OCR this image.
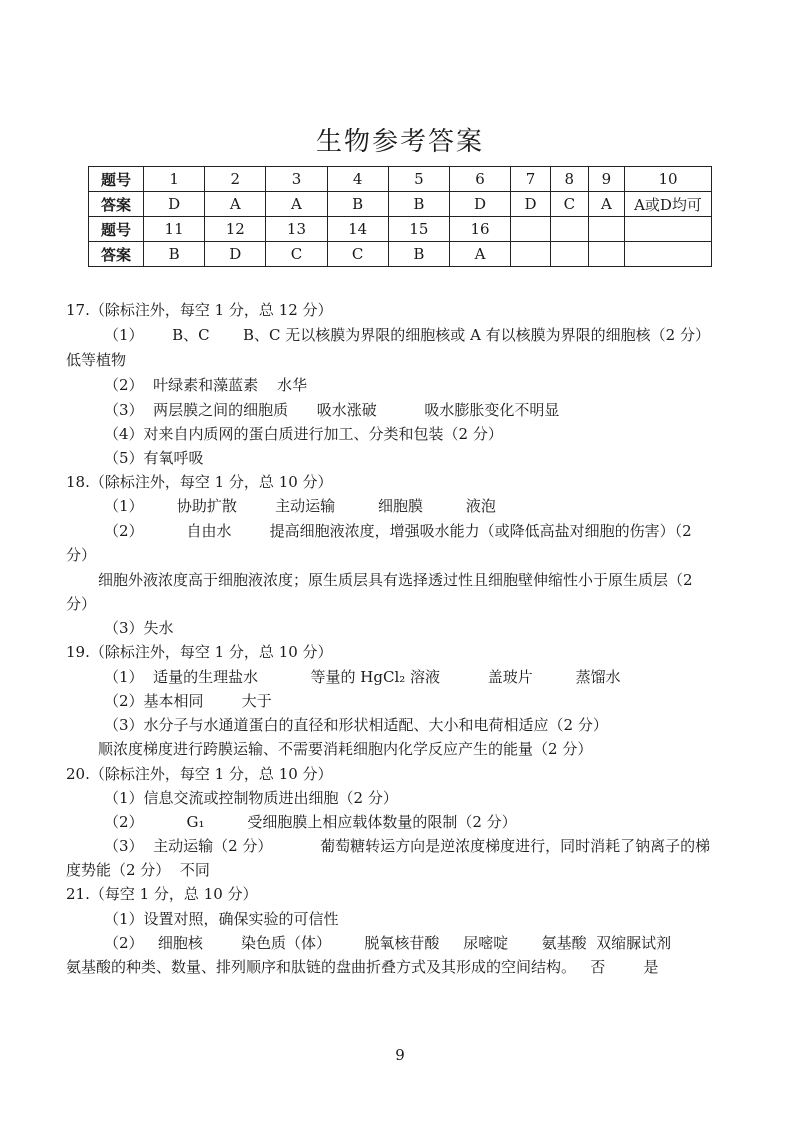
生物参考答案
题号	1	2	3	4	5	6	7	8	9	10
答案	D	A	A	B	B	D	D	C	A	A或D均可
题号	11	12	13	14	15	16				
答案	B	D	C	C	B	A				
17.（除标注外，每空 1 分，总 12 分）
（1）      B、C       B、C 无以核膜为界限的细胞核或 A 有以核膜为界限的细胞核（2 分）
低等植物
（2）  叶绿素和藻蓝素    水华
（3）  两层膜之间的细胞质      吸水涨破          吸水膨胀变化不明显
（4）对来自内质网的蛋白质进行加工、分类和包装（2 分）
（5）有氧呼吸
18.（除标注外，每空 1 分，总 10 分）
（1）       协助扩散        主动运输         细胞膜         液泡
（2）         自由水        提高细胞液浓度，增强吸水能力（或降低高盐对细胞的伤害）（2
分）
细胞外液浓度高于细胞液浓度；原生质层具有选择透过性且细胞壁伸缩性小于原生质层（2
分）
（3）失水
19.（除标注外，每空 1 分，总 10 分）
（1）  适量的生理盐水           等量的 HgCl₂ 溶液          盖玻片         蒸馏水
（2）基本相同        大于
（3）水分子与水通道蛋白的直径和形状相适配、大小和电荷相适应（2 分）
顺浓度梯度进行跨膜运输、不需要消耗细胞内化学反应产生的能量（2 分）
20.（除标注外，每空 1 分，总 10 分）
（1）信息交流或控制物质进出细胞（2 分）
（2）         G₁         受细胞膜上相应载体数量的限制（2 分）
（3）  主动运输（2 分）          葡萄糖转运方向是逆浓度梯度进行，同时消耗了钠离子的梯
度势能（2 分）  不同
21.（每空 1 分，总 10 分）
（1）设置对照，确保实验的可信性
（2）   细胞核        染色质（体）       脱氧核苷酸     尿嘧啶       氨基酸  双缩脲试剂
氨基酸的种类、数量、排列顺序和肽链的盘曲折叠方式及其形成的空间结构。   否        是
9
